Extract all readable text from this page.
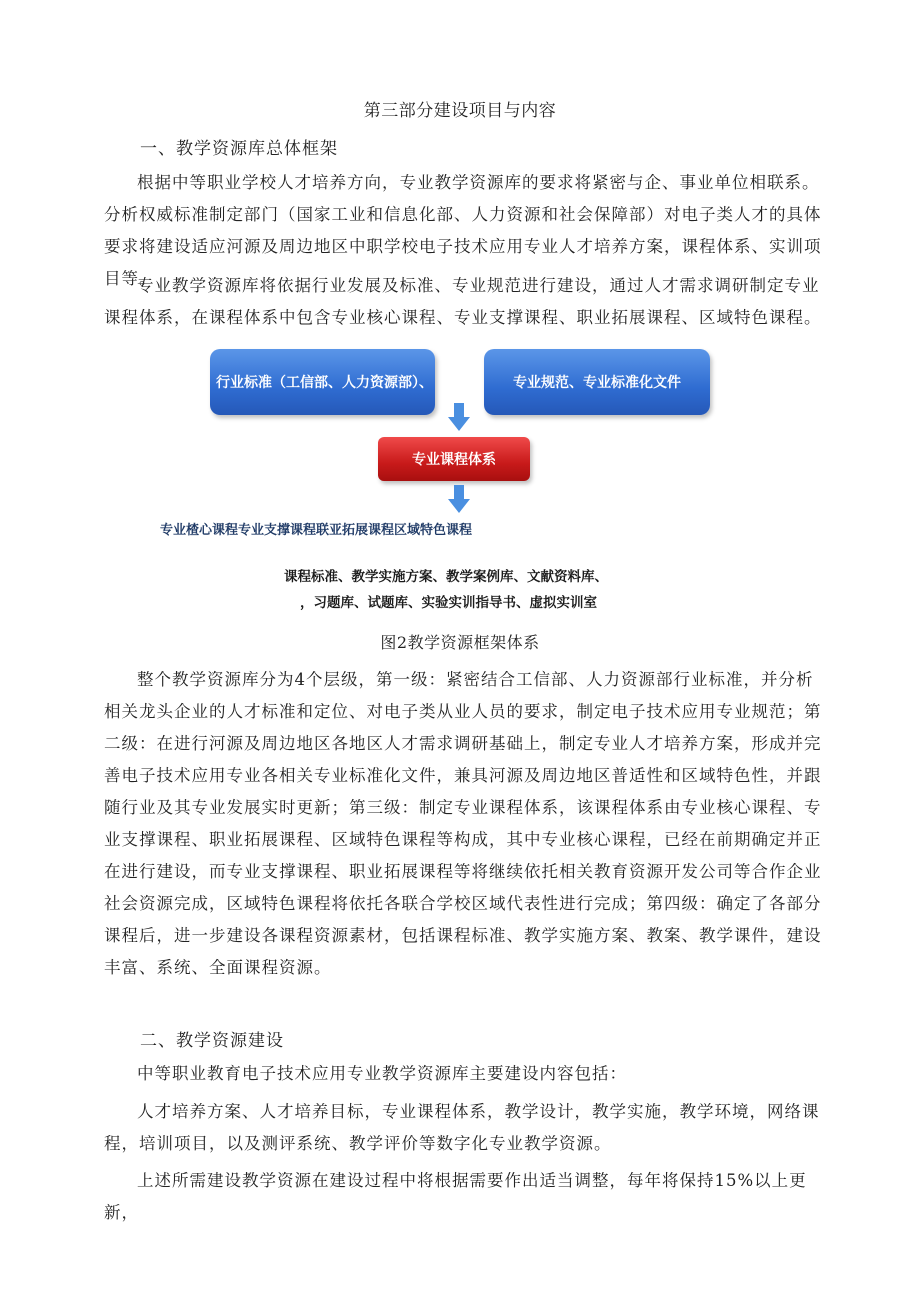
第三部分建设项目与内容
一、教学资源库总体框架

根据中等职业学校人才培养方向，专业教学资源库的要求将紧密与企、事业单位相联系。分析权威标准制定部门（国家工业和信息化部、人力资源和社会保障部）对电子类人才的具体要求将建设适应河源及周边地区中职学校电子技术应用专业人才培养方案，课程体系、实训项目等。

专业教学资源库将依据行业发展及标准、专业规范进行建设，通过人才需求调研制定专业课程体系，在课程体系中包含专业核心课程、专业支撑课程、职业拓展课程、区域特色课程。

行业标准（工信部、人力资源部）、	专业规范、专业标准化文件
专业课程体系
专业楂心课程专业支撑课程联亚拓展课程区域特色课程
课程标准、教学实施方案、教学案例库、文献资料库、
，习题库、试题库、实验实训指导书、虚拟实训室
图2教学资源框架体系

整个教学资源库分为4个层级，第一级：紧密结合工信部、人力资源部行业标准，并分析相关龙头企业的人才标准和定位、对电子类从业人员的要求，制定电子技术应用专业规范；第二级：在进行河源及周边地区各地区人才需求调研基础上，制定专业人才培养方案，形成并完善电子技术应用专业各相关专业标准化文件，兼具河源及周边地区普适性和区域特色性，并跟随行业及其专业发展实时更新；第三级：制定专业课程体系，该课程体系由专业核心课程、专业支撑课程、职业拓展课程、区域特色课程等构成，其中专业核心课程，已经在前期确定并正在进行建设，而专业支撑课程、职业拓展课程等将继续依托相关教育资源开发公司等合作企业社会资源完成，区域特色课程将依托各联合学校区域代表性进行完成；第四级：确定了各部分课程后，进一步建设各课程资源素材，包括课程标准、教学实施方案、教案、教学课件，建设丰富、系统、全面课程资源。

二、教学资源建设

中等职业教育电子技术应用专业教学资源库主要建设内容包括：

人才培养方案、人才培养目标，专业课程体系，教学设计，教学实施，教学环境，网络课程，培训项目，以及测评系统、教学评价等数字化专业教学资源。

上述所需建设教学资源在建设过程中将根据需要作出适当调整，每年将保持15%以上更新，
